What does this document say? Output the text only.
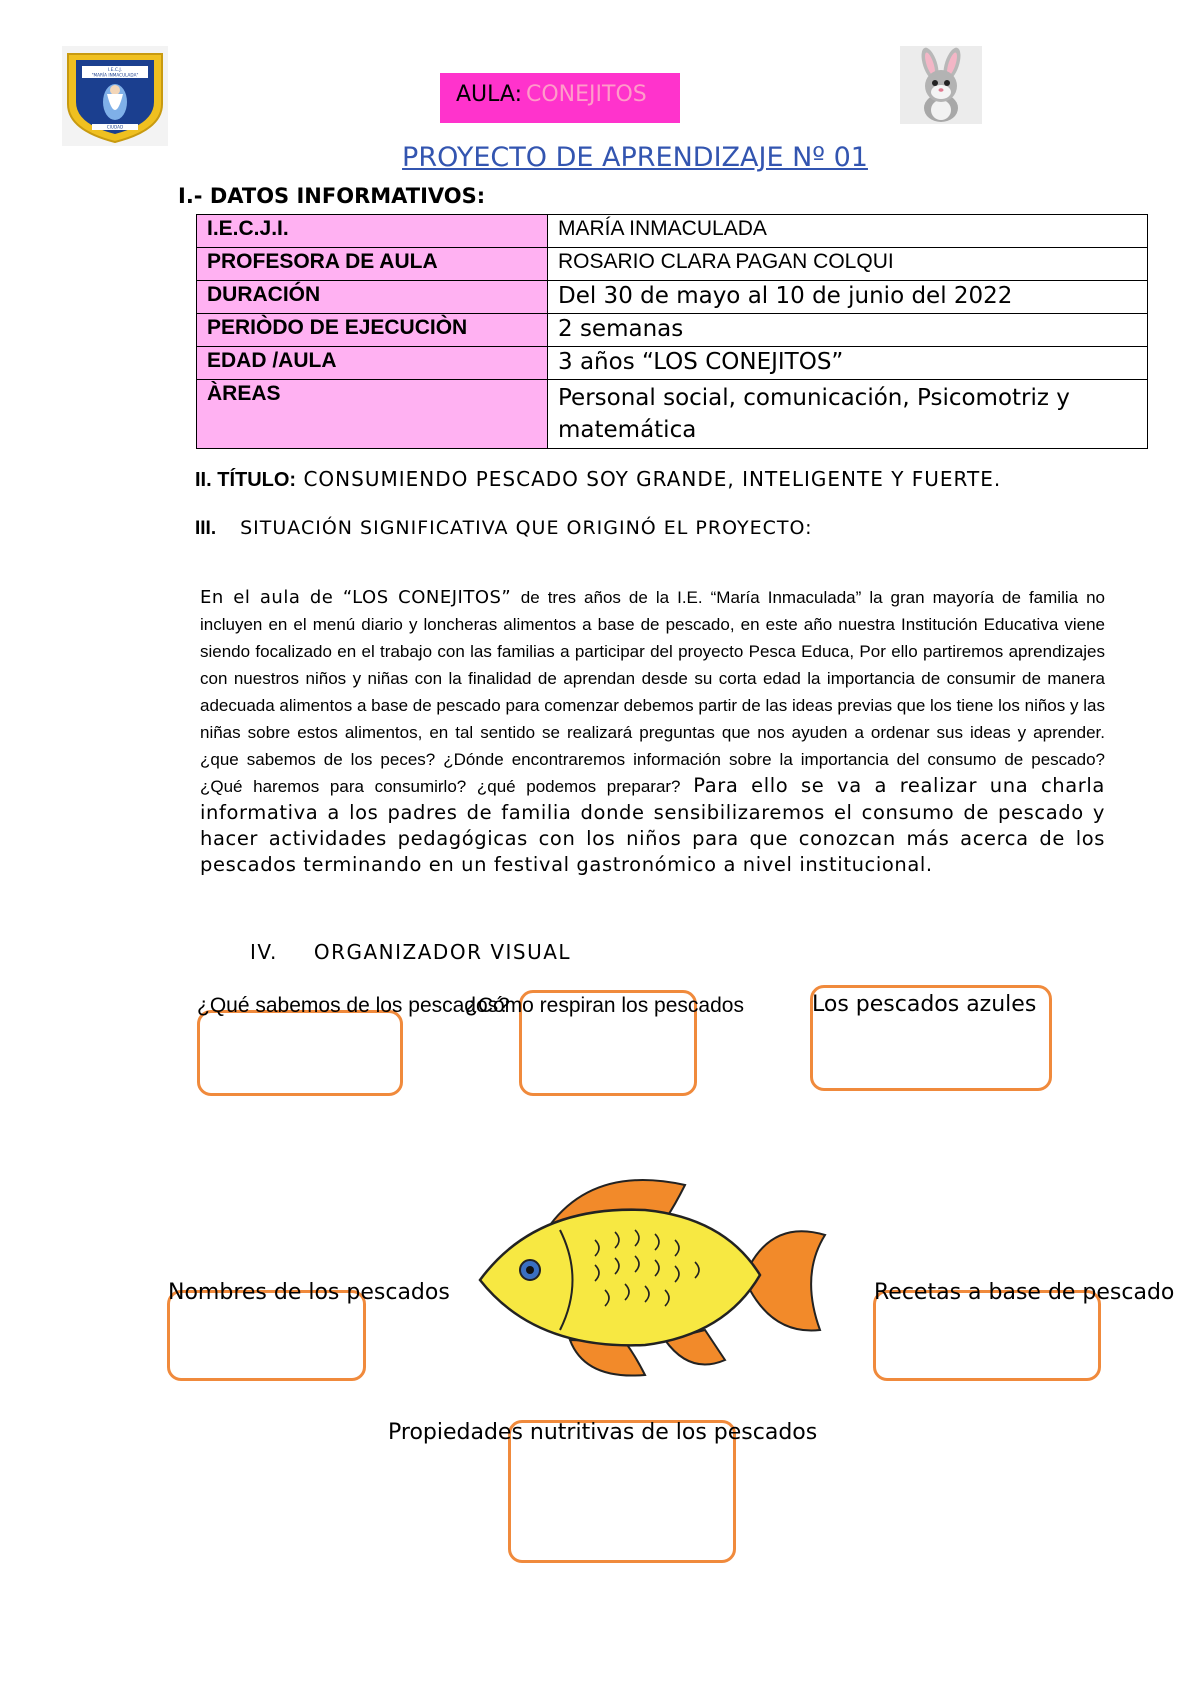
I.E.C.J.
"MARÍA INMACULADA"
CIUDAD
AULA: CONEJITOS
PROYECTO DE APRENDIZAJE Nº 01
I.- DATOS INFORMATIVOS:
I.E.C.J.I.	MARÍA INMACULADA
PROFESORA DE AULA	ROSARIO CLARA PAGAN COLQUI
DURACIÓN	Del 30 de mayo al 10 de junio del 2022
PERIÒDO DE EJECUCIÒN	2 semanas
EDAD /AULA	3 años “LOS CONEJITOS”
ÀREAS	Personal social, comunicación, Psicomotriz y matemática
II. TÍTULO: CONSUMIENDO PESCADO SOY GRANDE, INTELIGENTE Y FUERTE.
III. SITUACIÓN SIGNIFICATIVA QUE ORIGINÓ EL PROYECTO:
En el aula de “LOS CONEJITOS” de tres años de la I.E. “María Inmaculada” la gran mayoría de familia no incluyen en el menú diario y loncheras alimentos a base de pescado, en este año nuestra Institución Educativa viene siendo focalizado en el trabajo con las familias a participar del proyecto Pesca Educa, Por ello partiremos aprendizajes con nuestros niños y niñas con la finalidad de aprendan desde su corta edad la importancia de consumir de manera adecuada alimentos a base de pescado para comenzar debemos partir de las ideas previas que los tiene los niños y las niñas sobre estos alimentos, en tal sentido se realizará preguntas que nos ayuden a ordenar sus ideas y aprender. ¿que sabemos de los peces? ¿Dónde encontraremos información sobre la importancia del consumo de pescado? ¿Qué haremos para consumirlo? ¿qué podemos preparar? Para ello se va a realizar una charla informativa a los padres de familia donde sensibilizaremos el consumo de pescado y hacer actividades pedagógicas con los niños para que conozcan más acerca de los pescados terminando en un festival gastronómico a nivel institucional.
IV. ORGANIZADOR VISUAL
¿Qué sabemos de los pescados?
¿Cómo respiran los pescados	Los pescados azules
Nombres de los pescados	Recetas a base de pescado
Propiedades nutritivas de los pescados
